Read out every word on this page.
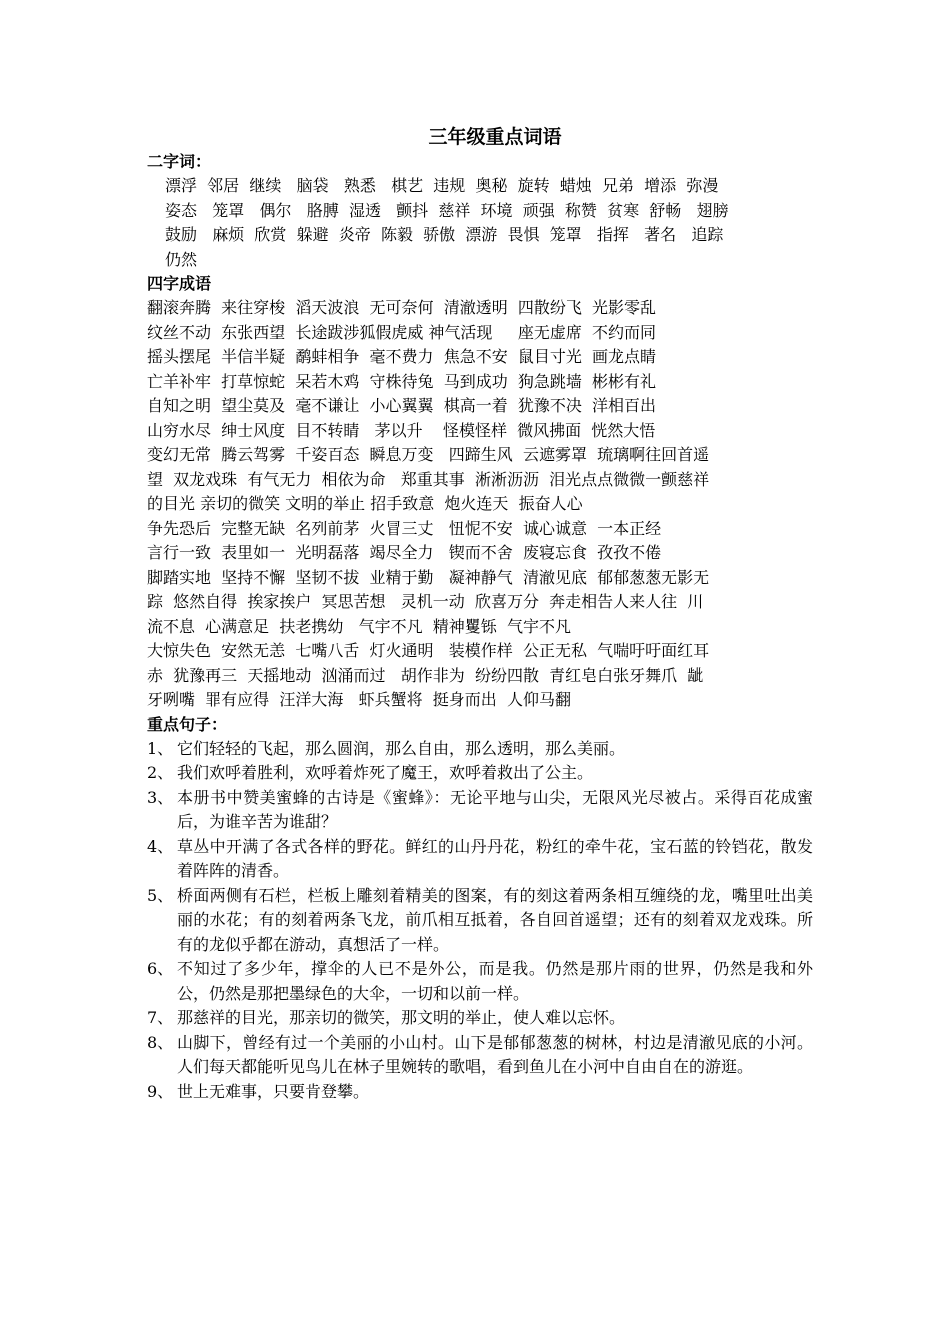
三年级重点词语
二字词：
漂浮  邻居  继续   脑袋   熟悉   棋艺  违规  奥秘  旋转  蜡烛  兄弟  增添  弥漫
姿态   笼罩   偶尔   胳膊  湿透   颤抖  慈祥  环境  顽强  称赞  贫寒  舒畅   翅膀
鼓励   麻烦  欣赏  躲避  炎帝  陈毅  骄傲  漂游  畏惧  笼罩   指挥   著名   追踪
仍然
四字成语
翻滚奔腾  来往穿梭  滔天波浪  无可奈何  清澈透明  四散纷飞  光影零乱
纹丝不动  东张西望  长途跋涉狐假虎威 神气活现     座无虚席  不约而同
摇头摆尾  半信半疑  鹬蚌相争  毫不费力  焦急不安  鼠目寸光  画龙点睛
亡羊补牢  打草惊蛇  呆若木鸡  守株待兔  马到成功  狗急跳墙  彬彬有礼
自知之明  望尘莫及  毫不谦让  小心翼翼  棋高一着  犹豫不决  洋相百出
山穷水尽  绅士风度  目不转睛   茅以升    怪模怪样  微风拂面  恍然大悟
变幻无常  腾云驾雾  千姿百态  瞬息万变   四蹄生风  云遮雾罩  琉璃啊往回首遥
望  双龙戏珠  有气无力  相依为命   郑重其事  淅淅沥沥  泪光点点微微一颤慈祥
的目光 亲切的微笑 文明的举止 招手致意  炮火连天  振奋人心
争先恐后  完整无缺  名列前茅  火冒三丈   忸怩不安  诚心诚意  一本正经
言行一致  表里如一  光明磊落  竭尽全力   锲而不舍  废寝忘食  孜孜不倦
脚踏实地  坚持不懈  坚韧不拔  业精于勤   凝神静气  清澈见底  郁郁葱葱无影无
踪  悠然自得  挨家挨户  冥思苦想   灵机一动  欣喜万分  奔走相告人来人往  川
流不息  心满意足  扶老携幼   气宇不凡  精神矍铄  气宇不凡
大惊失色  安然无恙  七嘴八舌  灯火通明   装模作样  公正无私  气喘吁吁面红耳
赤  犹豫再三  天摇地动  汹涌而过   胡作非为  纷纷四散  青红皂白张牙舞爪  龇
牙咧嘴  罪有应得  汪洋大海   虾兵蟹将  挺身而出  人仰马翻
重点句子：
1、 它们轻轻的飞起，那么圆润，那么自由，那么透明，那么美丽。
2、 我们欢呼着胜利，欢呼着炸死了魔王，欢呼着救出了公主。
3、 本册书中赞美蜜蜂的古诗是《蜜蜂》：无论平地与山尖，无限风光尽被占。采得百花成蜜后，为谁辛苦为谁甜？
4、 草丛中开满了各式各样的野花。鲜红的山丹丹花，粉红的牵牛花，宝石蓝的铃铛花，散发着阵阵的清香。
5、 桥面两侧有石栏，栏板上雕刻着精美的图案，有的刻这着两条相互缠绕的龙，嘴里吐出美丽的水花；有的刻着两条飞龙，前爪相互抵着，各自回首遥望；还有的刻着双龙戏珠。所有的龙似乎都在游动，真想活了一样。
6、 不知过了多少年，撑伞的人已不是外公，而是我。仍然是那片雨的世界，仍然是我和外公，仍然是那把墨绿色的大伞，一切和以前一样。
7、 那慈祥的目光，那亲切的微笑，那文明的举止，使人难以忘怀。
8、 山脚下，曾经有过一个美丽的小山村。山下是郁郁葱葱的树林，村边是清澈见底的小河。人们每天都能听见鸟儿在林子里婉转的歌唱，看到鱼儿在小河中自由自在的游逛。
9、 世上无难事，只要肯登攀。
